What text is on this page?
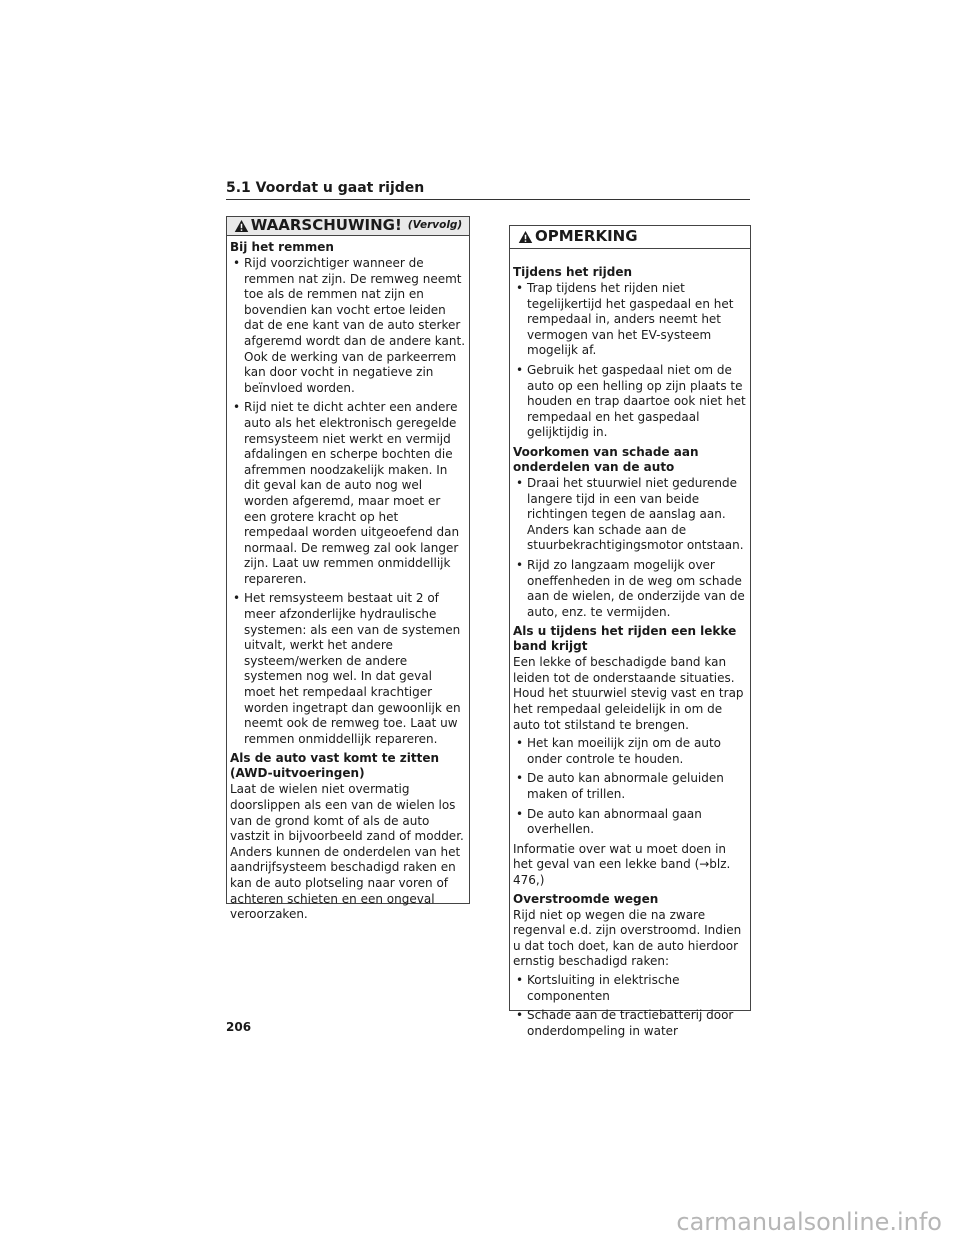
5.1 Voordat u gaat rijden
WAARSCHUWING! (Vervolg)
Bij het remmen
• Rijd voorzichtiger wanneer de remmen nat zijn. De remweg neemt toe als de remmen nat zijn en bovendien kan vocht ertoe leiden dat de ene kant van de auto sterker afgeremd wordt dan de andere kant. Ook de werking van de parkeerrem kan door vocht in negatieve zin beïnvloed worden.
• Rijd niet te dicht achter een andere auto als het elektronisch geregelde remsysteem niet werkt en vermijd afdalingen en scherpe bochten die afremmen noodzakelijk maken. In dit geval kan de auto nog wel worden afgeremd, maar moet er een grotere kracht op het rempedaal worden uitgeoefend dan normaal. De remweg zal ook langer zijn. Laat uw remmen onmiddellijk repareren.
• Het remsysteem bestaat uit 2 of meer afzonderlijke hydraulische systemen: als een van de systemen uitvalt, werkt het andere systeem/werken de andere systemen nog wel. In dat geval moet het rempedaal krachtiger worden ingetrapt dan gewoonlijk en neemt ook de remweg toe. Laat uw remmen onmiddellijk repareren.
Als de auto vast komt te zitten (AWD-uitvoeringen)

Laat de wielen niet overmatig doorslippen als een van de wielen los van de grond komt of als de auto vastzit in bijvoorbeeld zand of modder. Anders kunnen de onderdelen van het aandrijfsysteem beschadigd raken en kan de auto plotseling naar voren of achteren schieten en een ongeval veroorzaken.

OPMERKING
Tijdens het rijden
• Trap tijdens het rijden niet tegelijkertijd het gaspedaal en het rempedaal in, anders neemt het vermogen van het EV-systeem mogelijk af.
• Gebruik het gaspedaal niet om de auto op een helling op zijn plaats te houden en trap daartoe ook niet het rempedaal en het gaspedaal gelijktijdig in.
Voorkomen van schade aan onderdelen van de auto
• Draai het stuurwiel niet gedurende langere tijd in een van beide richtingen tegen de aanslag aan. Anders kan schade aan de stuurbekrachtigingsmotor ontstaan.
• Rijd zo langzaam mogelijk over oneffenheden in de weg om schade aan de wielen, de onderzijde van de auto, enz. te vermijden.
Als u tijdens het rijden een lekke band krijgt

Een lekke of beschadigde band kan leiden tot de onderstaande situaties. Houd het stuurwiel stevig vast en trap het rempedaal geleidelijk in om de auto tot stilstand te brengen.

• Het kan moeilijk zijn om de auto onder controle te houden.
• De auto kan abnormale geluiden maken of trillen.
• De auto kan abnormaal gaan overhellen.

Informatie over wat u moet doen in het geval van een lekke band (→blz. 476,)

Overstroomde wegen

Rijd niet op wegen die na zware regenval e.d. zijn overstroomd. Indien u dat toch doet, kan de auto hierdoor ernstig beschadigd raken:

• Kortsluiting in elektrische componenten
• Schade aan de tractiebatterij door onderdompeling in water
206
carmanualsonline.info
